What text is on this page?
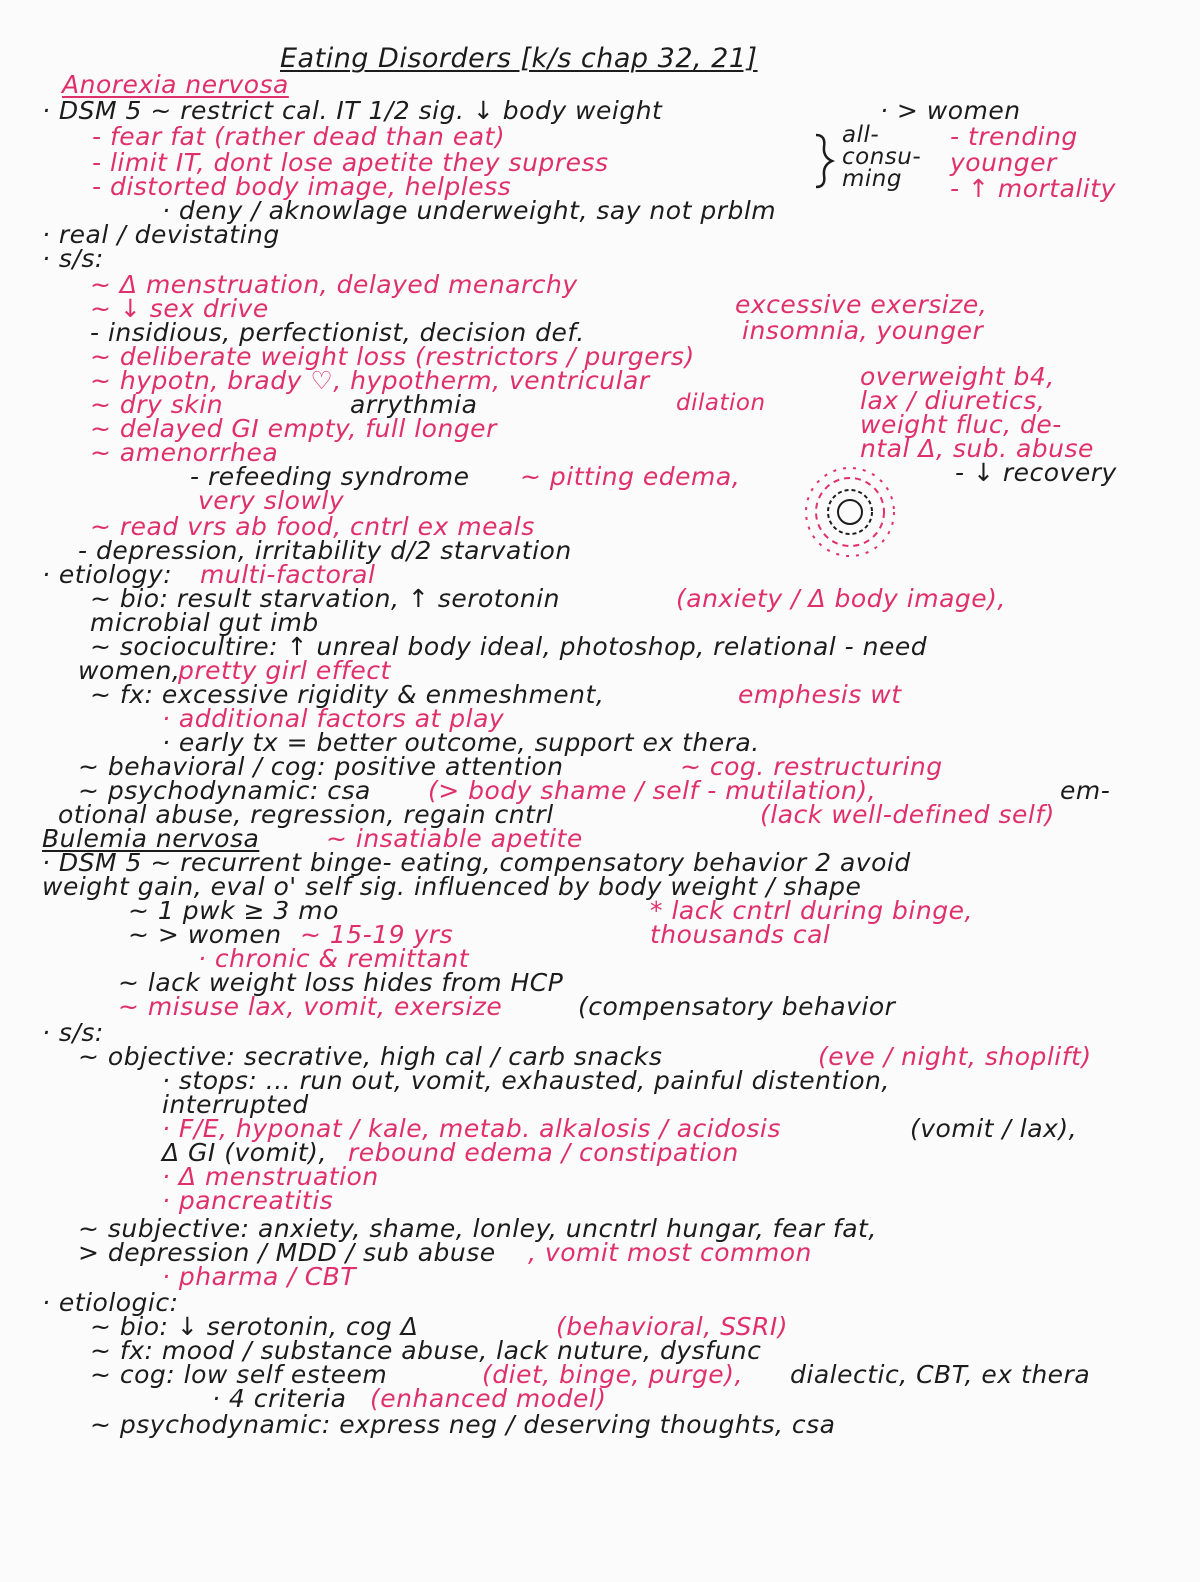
Eating Disorders [k/s chap 32, 21]
Anorexia nervosa
· DSM 5 ~ restrict cal. IT 1/2 sig. ↓ body weight	· > women
- fear fat (rather dead than eat)	- trending younger
- limit IT, dont lose apetite they supress
- distorted body image, helpless	- ↑ mortality
all-consu-ming
· deny / aknowlage underweight, say not prblm
· real / devistating
· s/s:
~ Δ menstruation, delayed menarchy
~ ↓ sex drive	excessive exersize,
- insidious, perfectionist, decision def.	insomnia, younger
~ deliberate weight loss (restrictors / purgers)
~ hypotn, brady ♡, hypotherm, ventricular
dilation
~ dry skin	arrythmia
overweight b4,
lax / diuretics,
weight fluc, de-
ntal Δ, sub. abuse
~ delayed GI empty, full longer
~ amenorrhea
- ↓ recovery
- refeeding syndrome ~ pitting edema,
very slowly
~ read vrs ab food, cntrl ex meals
- depression, irritability d/2 starvation
· etiology: multi-factoral
~ bio: result starvation, ↑ serotonin	(anxiety / Δ body image),
microbial gut imb
~ sociocultire: ↑ unreal body ideal, photoshop, relational - need
women,
pretty girl effect
~ fx: excessive rigidity & enmeshment,	emphesis wt
· additional factors at play
· early tx = better outcome, support ex thera.
~ behavioral / cog: positive attention	~ cog. restructuring
~ psychodynamic: csa (> body shame / self - mutilation),	em-
otional abuse, regression, regain cntrl	(lack well-defined self)
Bulemia nervosa	~ insatiable apetite
· DSM 5 ~ recurrent binge- eating, compensatory behavior 2 avoid
weight gain, eval o' self sig. influenced by body weight / shape
~ 1 pwk ≥ 3 mo	* lack cntrl during binge,
~ > women ~ 15-19 yrs	thousands cal
· chronic & remittant
~ lack weight loss hides from HCP
~ misuse lax, vomit, exersize	(compensatory behavior
· s/s:
~ objective: secrative, high cal / carb snacks	(eve / night, shoplift)
· stops: ... run out, vomit, exhausted, painful distention,
interrupted
· F/E, hyponat / kale, metab. alkalosis / acidosis	(vomit / lax),
Δ GI (vomit), rebound edema / constipation
· Δ menstruation
· pancreatitis
~ subjective: anxiety, shame, lonley, uncntrl hungar, fear fat,
> depression / MDD / sub abuse , vomit most common
· pharma / CBT
· etiologic:
~ bio: ↓ serotonin, cog Δ	(behavioral, SSRI)
~ fx: mood / substance abuse, lack nuture, dysfunc
~ cog: low self esteem	(diet, binge, purge), dialectic, CBT, ex thera
· 4 criteria (enhanced model)
~ psychodynamic: express neg / deserving thoughts, csa
